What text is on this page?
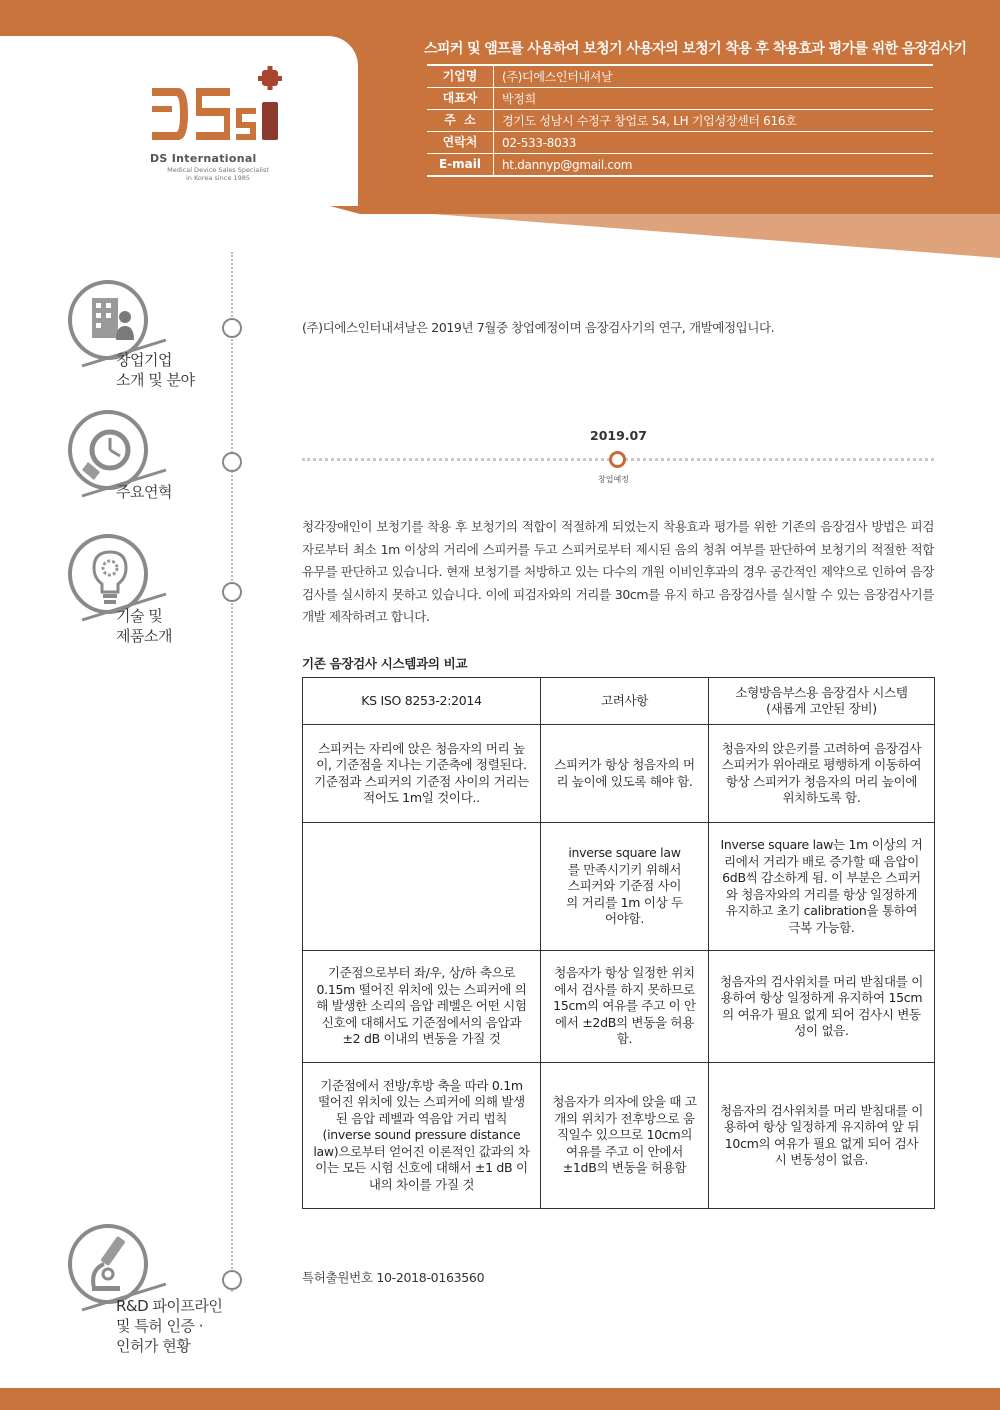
DSi
DS International
Medical Device Sales Specialist
in Korea since 1985
스피커 및 앰프를 사용하여 보청기 사용자의 보청기 착용 후 착용효과 평가를 위한 음장검사기
기업명	(주)디에스인터내셔날
대표자	박정희
주  소	경기도 성남시 수정구 창업로 54, LH 기업성장센터 616호
연락처	02-533-8033
E-mail	ht.dannyp@gmail.com
창업기업
소개 및 분야
주요연혁
기술 및
제품소개
R&D 파이프라인
및 특허 인증 ·
인허가 현황
(주)디에스인터내셔날은 2019년 7월중 창업예정이며 음장검사기의 연구, 개발예정입니다.
2019.07
창업예정
청각장애인이 보청기를 착용 후 보청기의 적합이 적절하게 되었는지 착용효과 평가를 위한 기존의 음장검사 방법은 피검자로부터 최소 1m 이상의 거리에 스피커를 두고 스피커로부터 제시된 음의 청취 여부를 판단하여 보청기의 적절한 적합 유무를 판단하고 있습니다. 현재 보청기를 처방하고 있는 다수의 개원 이비인후과의 경우 공간적인 제약으로 인하여 음장검사를 실시하지 못하고 있습니다. 이에 피검자와의 거리를 30cm를 유지 하고 음장검사를 실시할 수 있는 음장검사기를 개발 제작하려고 합니다.
기존 음장검사 시스템과의 비교
KS ISO 8253-2:2014	고려사항	소형방음부스용 음장검사 시스템 (새롭게 고안된 장비)
스피커는 자리에 앉은 청음자의 머리 높이, 기준점을 지나는 기준축에 정렬된다. 기준점과 스피커의 기준점 사이의 거리는 적어도 1m일 것이다..	스피커가 항상 청음자의 머리 높이에 있도록 해야 함.	청음자의 앉은키를 고려하여 음장검사 스피커가 위아래로 평행하게 이동하여 항상 스피커가 청음자의 머리 높이에 위치하도록 함.
	inverse square law를 만족시기키 위해서 스피커와 기준점 사이의 거리를 1m 이상 두어야함.	Inverse square law는 1m 이상의 거리에서 거리가 배로 증가할 때 음압이 6dB씩 감소하게 됨. 이 부분은 스피커와 청음자와의 거리를 항상 일정하게 유지하고 초기 calibration을 통하여 극복 가능함.
기준점으로부터 좌/우, 상/하 축으로 0.15m 떨어진 위치에 있는 스피커에 의해 발생한 소리의 음압 레벨은 어떤 시험 신호에 대해서도 기준점에서의 음압과 ±2 dB 이내의 변동을 가질 것	청음자가 항상 일정한 위치에서 검사를 하지 못하므로 15cm의 여유를 주고 이 안에서 ±2dB의 변동을 허용함.	청음자의 검사위치를 머리 받침대를 이용하여 항상 일정하게 유지하여 15cm의 여유가 필요 없게 되어 검사시 변동성이 없음.
기준점에서 전방/후방 축을 따라 0.1m 떨어진 위치에 있는 스피커에 의해 발생된 음압 레벨과 역음압 거리 법칙(inverse sound pressure distance law)으로부터 얻어진 이론적인 값과의 차이는 모든 시험 신호에 대해서 ±1 dB 이내의 차이를 가질 것	청음자가 의자에 앉을 때 고개의 위치가 전후방으로 움직일수 있으므로 10cm의 여유를 주고 이 안에서 ±1dB의 변동을 허용함	청음자의 검사위치를 머리 받침대를 이용하여 항상 일정하게 유지하여 앞 뒤 10cm의 여유가 필요 없게 되어 검사시 변동성이 없음.
특허출원번호 10-2018-0163560
